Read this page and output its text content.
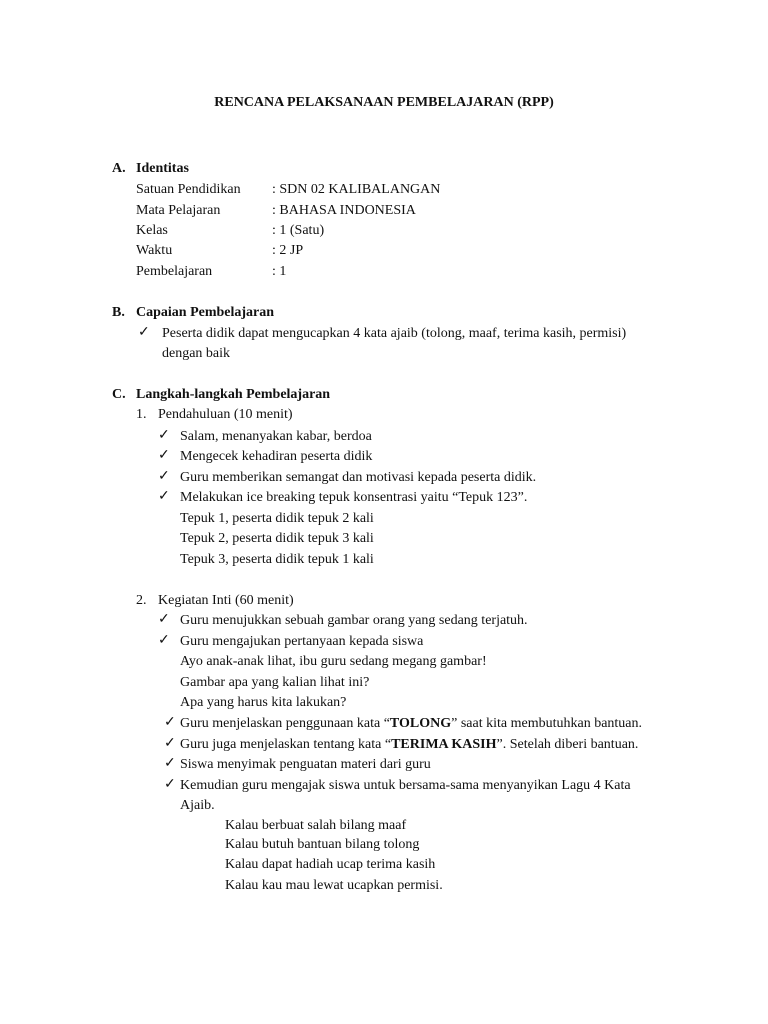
RENCANA PELAKSANAAN PEMBELAJARAN (RPP)
A. Identitas
Satuan Pendidikan : SDN 02 KALIBALANGAN
Mata Pelajaran	: BAHASA INDONESIA
Kelas	: 1 (Satu)
Waktu	: 2 JP
Pembelajaran	: 1
B. Capaian Pembelajaran
✓ Peserta didik dapat mengucapkan 4 kata ajaib (tolong, maaf, terima kasih, permisi)
dengan baik
C. Langkah-langkah Pembelajaran
1. Pendahuluan (10 menit)
✓ Salam, menanyakan kabar, berdoa
✓ Mengecek kehadiran peserta didik
✓ Guru memberikan semangat dan motivasi kepada peserta didik.
✓ Melakukan ice breaking tepuk konsentrasi yaitu “Tepuk 123”.
Tepuk 1, peserta didik tepuk 2 kali
Tepuk 2, peserta didik tepuk 3 kali
Tepuk 3, peserta didik tepuk 1 kali
2. Kegiatan Inti (60 menit)
✓ Guru menujukkan sebuah gambar orang yang sedang terjatuh.
✓ Guru mengajukan pertanyaan kepada siswa
Ayo anak-anak lihat, ibu guru sedang megang gambar!
Gambar apa yang kalian lihat ini?
Apa yang harus kita lakukan?
✓ Guru menjelaskan penggunaan kata “TOLONG” saat kita membutuhkan bantuan.
✓ Guru juga menjelaskan tentang kata “TERIMA KASIH”. Setelah diberi bantuan.
✓ Siswa menyimak penguatan materi dari guru
✓ Kemudian guru mengajak siswa untuk bersama-sama menyanyikan Lagu 4 Kata
Ajaib.
Kalau berbuat salah bilang maaf
Kalau butuh bantuan bilang tolong
Kalau dapat hadiah ucap terima kasih
Kalau kau mau lewat ucapkan permisi.
